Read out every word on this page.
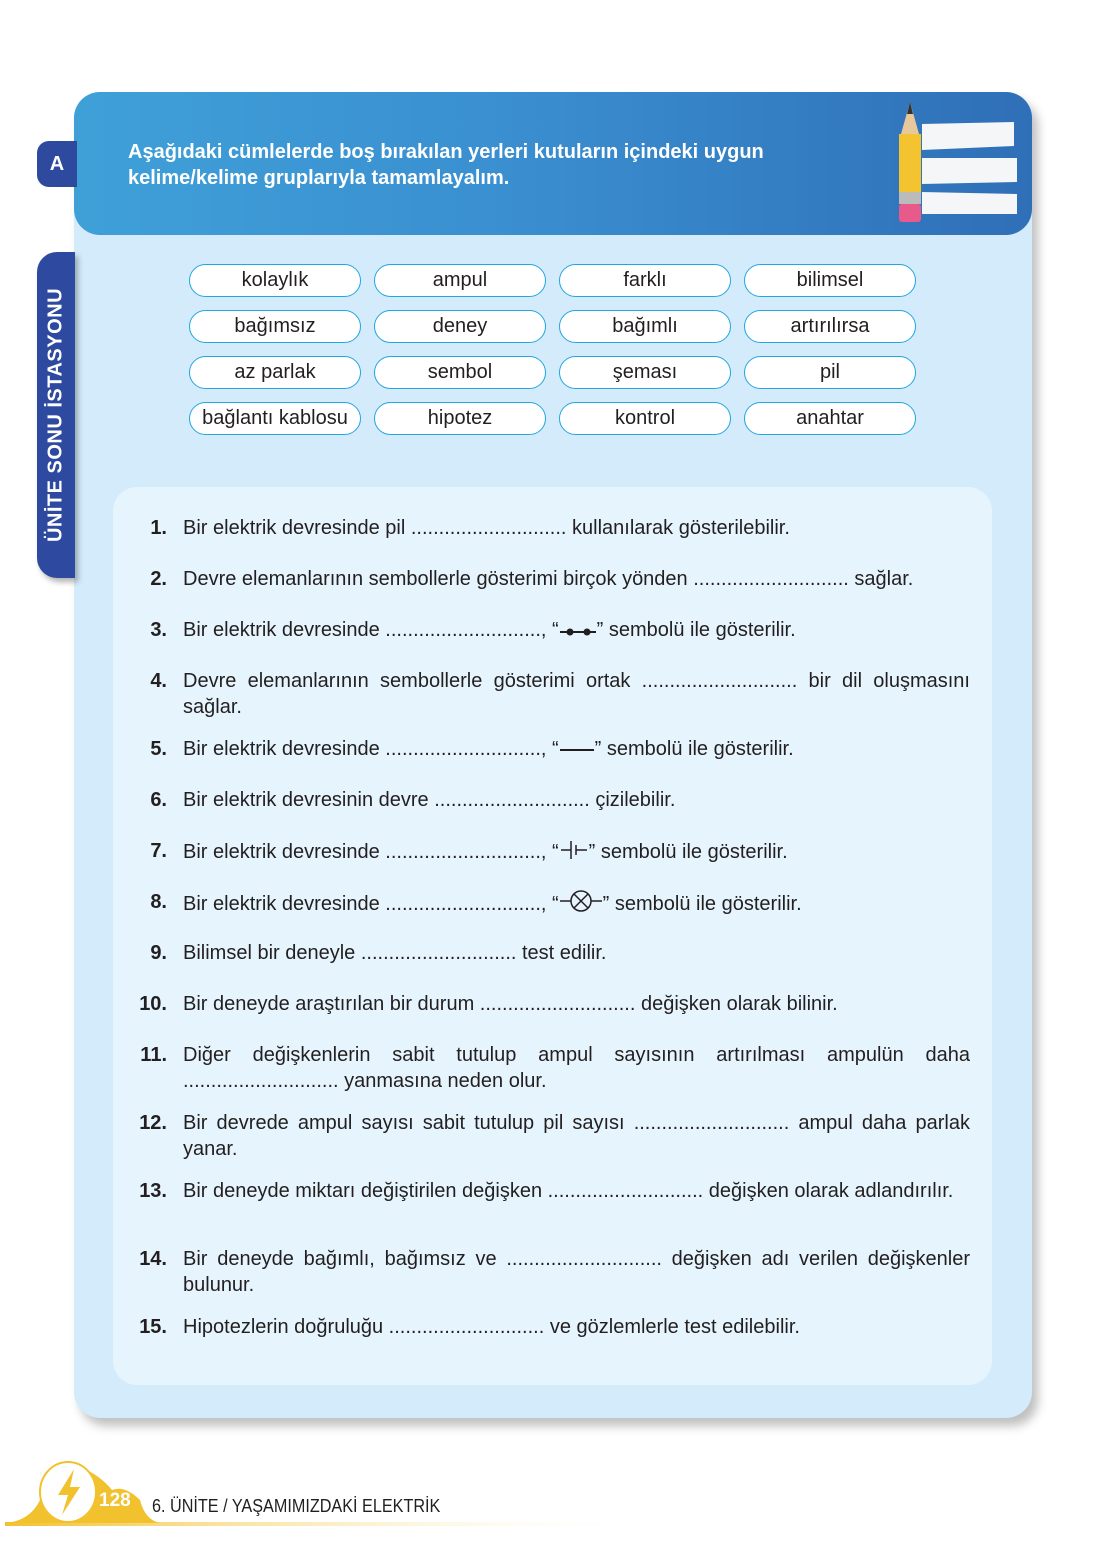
A
Aşağıdaki cümlelerde boş bırakılan yerleri kutuların içindeki uygun kelime/kelime gruplarıyla tamamlayalım.
ÜNİTE SONU İSTASYONU
kolaylık	ampul	farklı	bilimsel
bağımsız	deney	bağımlı	artırılırsa
az parlak	sembol	şeması	pil
bağlantı kablosu	hipotez	kontrol	anahtar
1. Bir elektrik devresinde pil ............................ kullanılarak gösterilebilir.
2. Devre elemanlarının sembollerle gösterimi birçok yönden ............................ sağlar.
3. Bir elektrik devresinde ............................, “ ” sembolü ile gösterilir.
4. Devre elemanlarının sembollerle gösterimi ortak ............................ bir dil oluşmasını sağlar.
5. Bir elektrik devresinde ............................, “ ” sembolü ile gösterilir.
6. Bir elektrik devresinin devre ............................ çizilebilir.
7. Bir elektrik devresinde ............................, “ ” sembolü ile gösterilir.
8. Bir elektrik devresinde ............................, “ ” sembolü ile gösterilir.
9. Bilimsel bir deneyle ............................ test edilir.
10. Bir deneyde araştırılan bir durum ............................ değişken olarak bilinir.
11. Diğer değişkenlerin sabit tutulup ampul sayısının artırılması ampulün daha ............................ yanmasına neden olur.
12. Bir devrede ampul sayısı sabit tutulup pil sayısı ............................ ampul daha parlak yanar.
13. Bir deneyde miktarı değiştirilen değişken ............................ değişken olarak adlandırılır.
14. Bir deneyde bağımlı, bağımsız ve ............................ değişken adı verilen değişkenler bulunur.
15. Hipotezlerin doğruluğu ............................ ve gözlemlerle test edilebilir.
128 6. ÜNİTE / YAŞAMIMIZDAKİ ELEKTRİK
